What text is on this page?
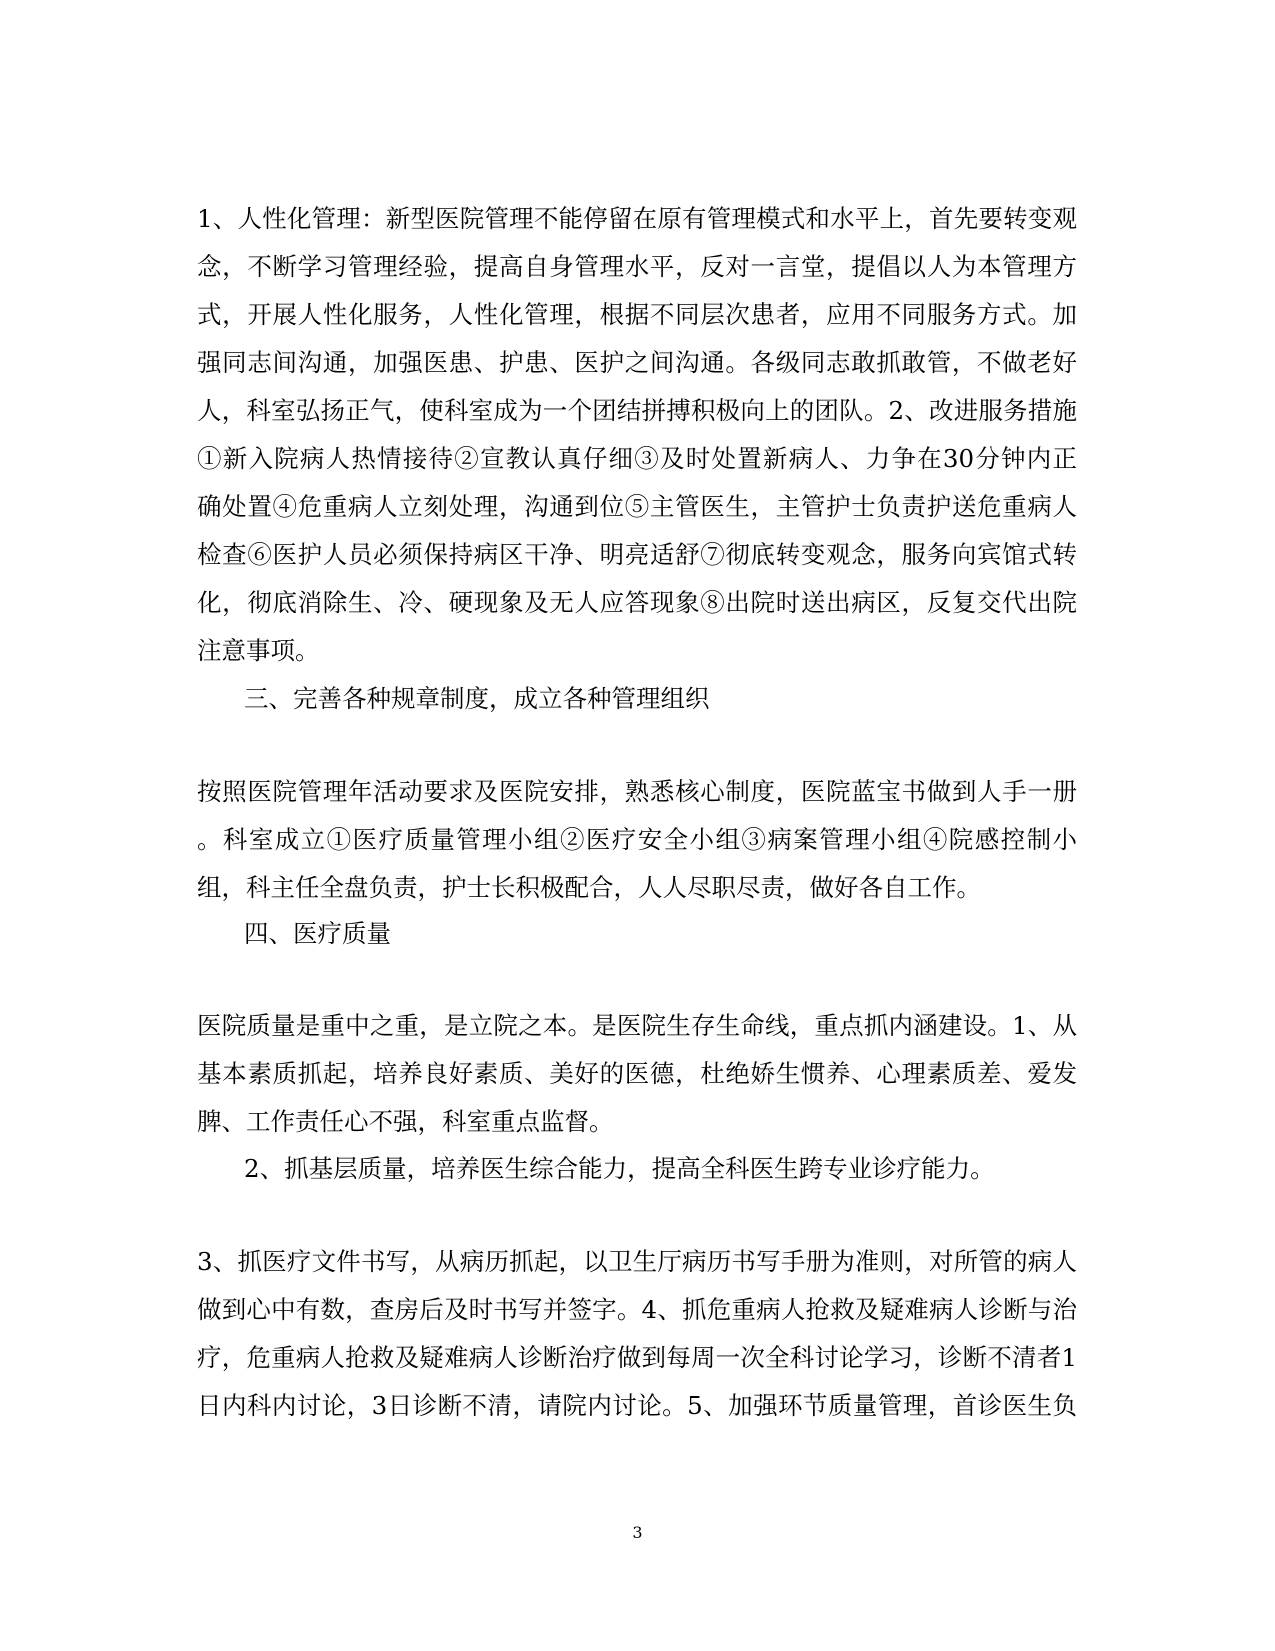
1、人性化管理：新型医院管理不能停留在原有管理模式和水平上，首先要转变观
念，不断学习管理经验，提高自身管理水平，反对一言堂，提倡以人为本管理方
式，开展人性化服务，人性化管理，根据不同层次患者，应用不同服务方式。加
强同志间沟通，加强医患、护患、医护之间沟通。各级同志敢抓敢管，不做老好
人，科室弘扬正气，使科室成为一个团结拼搏积极向上的团队。2、改进服务措施
①新入院病人热情接待②宣教认真仔细③及时处置新病人、力争在30分钟内正
确处置④危重病人立刻处理，沟通到位⑤主管医生，主管护士负责护送危重病人
检查⑥医护人员必须保持病区干净、明亮适舒⑦彻底转变观念，服务向宾馆式转
化，彻底消除生、冷、硬现象及无人应答现象⑧出院时送出病区，反复交代出院
注意事项。

三、完善各种规章制度，成立各种管理组织

按照医院管理年活动要求及医院安排，熟悉核心制度，医院蓝宝书做到人手一册
。科室成立①医疗质量管理小组②医疗安全小组③病案管理小组④院感控制小
组，科主任全盘负责，护士长积极配合，人人尽职尽责，做好各自工作。

四、医疗质量

医院质量是重中之重，是立院之本。是医院生存生命线，重点抓内涵建设。1、从
基本素质抓起，培养良好素质、美好的医德，杜绝娇生惯养、心理素质差、爱发
脾、工作责任心不强，科室重点监督。

2、抓基层质量，培养医生综合能力，提高全科医生跨专业诊疗能力。

3、抓医疗文件书写，从病历抓起，以卫生厅病历书写手册为准则，对所管的病人
做到心中有数，查房后及时书写并签字。4、抓危重病人抢救及疑难病人诊断与治
疗，危重病人抢救及疑难病人诊断治疗做到每周一次全科讨论学习，诊断不清者1
日内科内讨论，3日诊断不清，请院内讨论。5、加强环节质量管理，首诊医生负

3
